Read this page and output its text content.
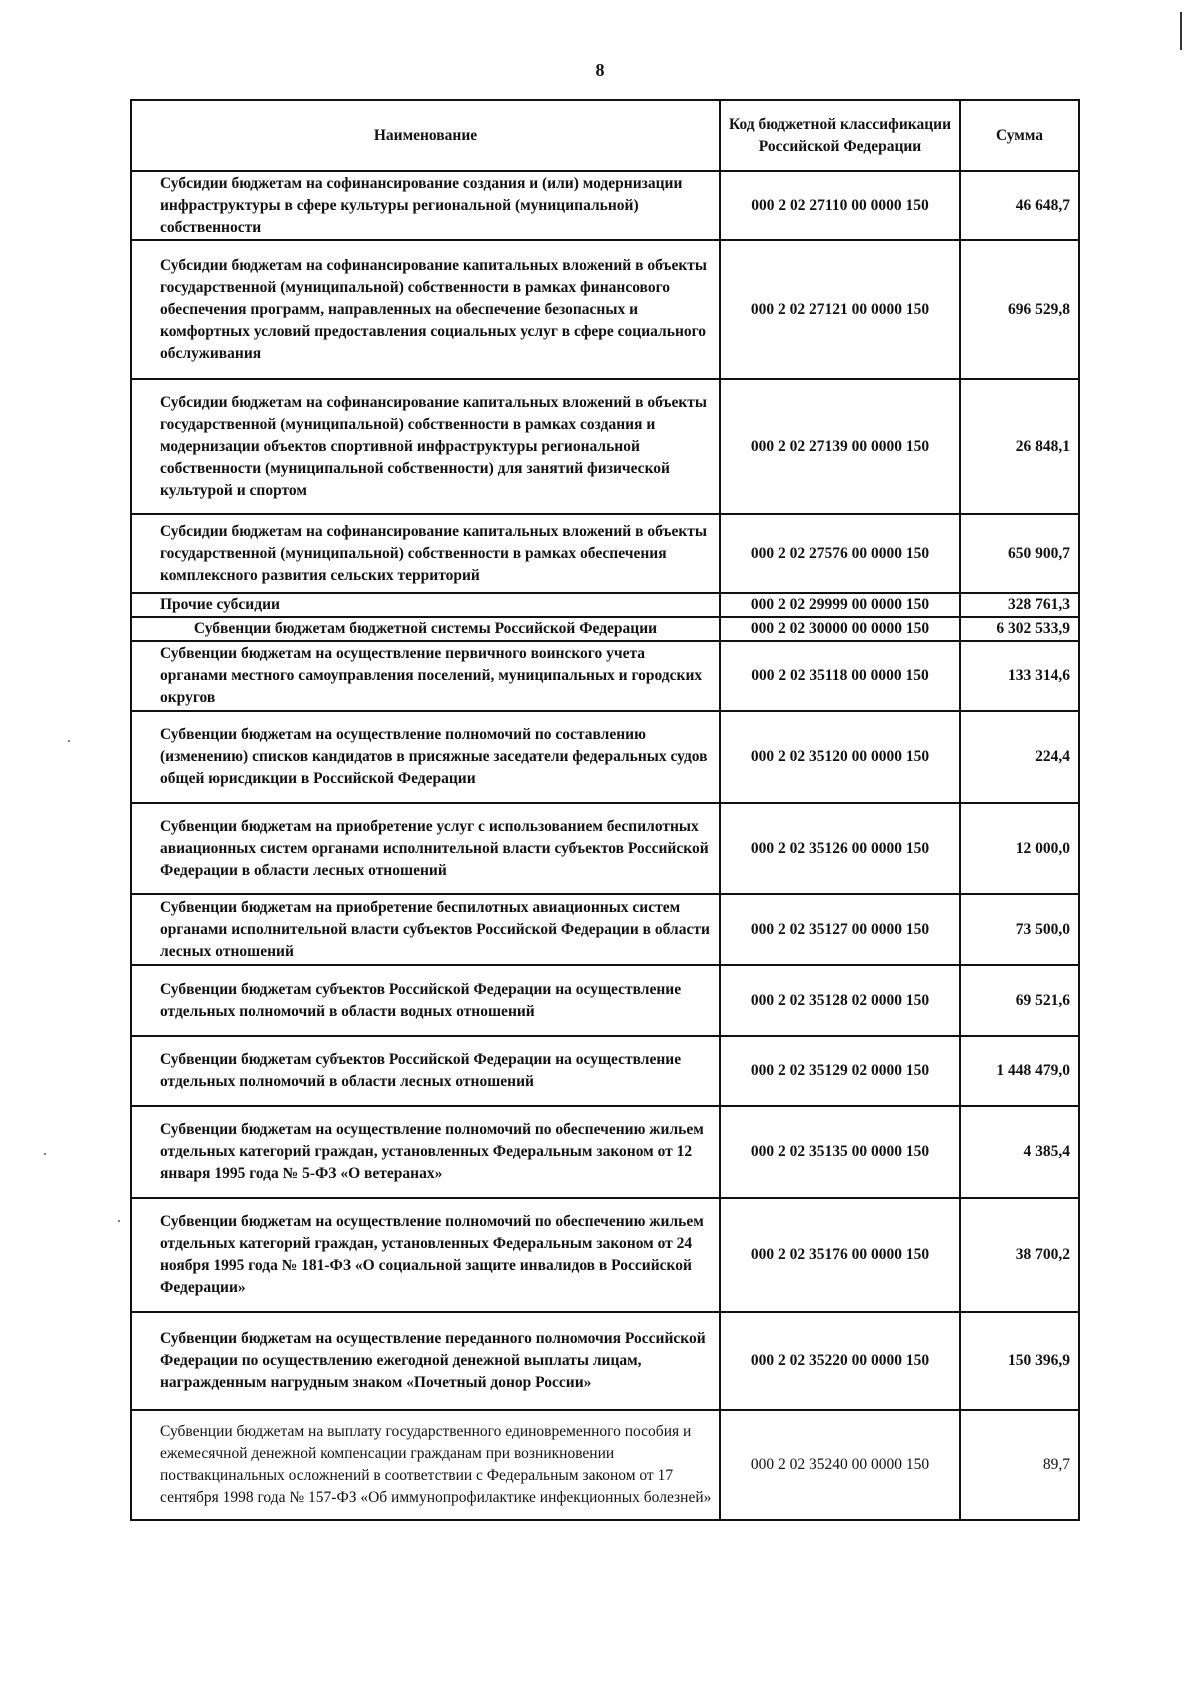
8
Наименование	Код бюджетной классификации Российской Федерации	Сумма
Субсидии бюджетам на софинансирование создания и (или) модернизации инфраструктуры в сфере культуры региональной (муниципальной) собственности	000 2 02 27110 00 0000 150	46 648,7
Субсидии бюджетам на софинансирование капитальных вложений в объекты государственной (муниципальной) собственности в рамках финансового обеспечения программ, направленных на обеспечение безопасных и комфортных условий предоставления социальных услуг в сфере социального обслуживания	000 2 02 27121 00 0000 150	696 529,8
Субсидии бюджетам на софинансирование капитальных вложений в объекты государственной (муниципальной) собственности в рамках создания и модернизации объектов спортивной инфраструктуры региональной собственности (муниципальной собственности) для занятий физической культурой и спортом	000 2 02 27139 00 0000 150	26 848,1
Субсидии бюджетам на софинансирование капитальных вложений в объекты государственной (муниципальной) собственности в рамках обеспечения комплексного развития сельских территорий	000 2 02 27576 00 0000 150	650 900,7
Прочие субсидии	000 2 02 29999 00 0000 150	328 761,3
Субвенции бюджетам бюджетной системы Российской Федерации	000 2 02 30000 00 0000 150	6 302 533,9
Субвенции бюджетам на осуществление первичного воинского учета органами местного самоуправления поселений, муниципальных и городских округов	000 2 02 35118 00 0000 150	133 314,6
Субвенции бюджетам на осуществление полномочий по составлению (изменению) списков кандидатов в присяжные заседатели федеральных судов общей юрисдикции в Российской Федерации	000 2 02 35120 00 0000 150	224,4
Субвенции бюджетам на приобретение услуг с использованием беспилотных авиационных систем органами исполнительной власти субъектов Российской Федерации в области лесных отношений	000 2 02 35126 00 0000 150	12 000,0
Субвенции бюджетам на приобретение беспилотных авиационных систем органами исполнительной власти субъектов Российской Федерации в области лесных отношений	000 2 02 35127 00 0000 150	73 500,0
Субвенции бюджетам субъектов Российской Федерации на осуществление отдельных полномочий в области водных отношений	000 2 02 35128 02 0000 150	69 521,6
Субвенции бюджетам субъектов Российской Федерации на осуществление отдельных полномочий в области лесных отношений	000 2 02 35129 02 0000 150	1 448 479,0
Субвенции бюджетам на осуществление полномочий по обеспечению жильем отдельных категорий граждан, установленных Федеральным законом от 12 января 1995 года № 5-ФЗ «О ветеранах»	000 2 02 35135 00 0000 150	4 385,4
Субвенции бюджетам на осуществление полномочий по обеспечению жильем отдельных категорий граждан, установленных Федеральным законом от 24 ноября 1995 года № 181-ФЗ «О социальной защите инвалидов в Российской Федерации»	000 2 02 35176 00 0000 150	38 700,2
Субвенции бюджетам на осуществление переданного полномочия Российской Федерации по осуществлению ежегодной денежной выплаты лицам, награжденным нагрудным знаком «Почетный донор России»	000 2 02 35220 00 0000 150	150 396,9
Субвенции бюджетам на выплату государственного единовременного пособия и ежемесячной денежной компенсации гражданам при возникновении поствакцинальных осложнений в соответствии с Федеральным законом от 17 сентября 1998 года № 157-ФЗ «Об иммунопрофилактике инфекционных болезней»	000 2 02 35240 00 0000 150	89,7
